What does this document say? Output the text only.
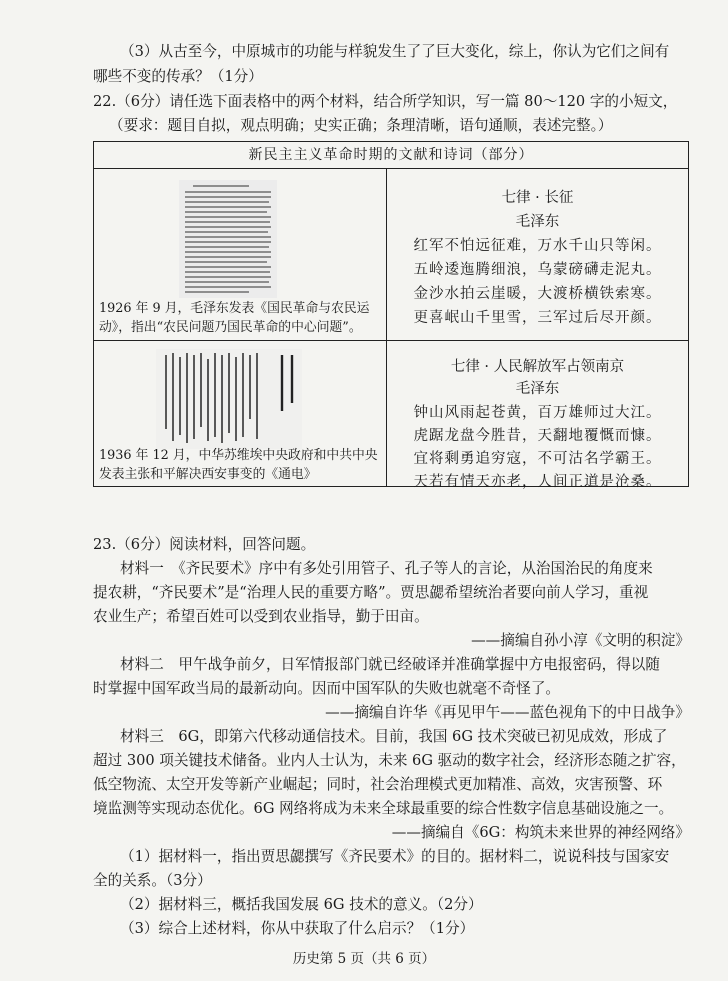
（3）从古至今，中原城市的功能与样貌发生了了巨大变化，综上，你认为它们之间有
哪些不变的传承？（1分）
22.（6分）请任选下面表格中的两个材料，结合所学知识，写一篇 80～120 字的小短文，
（要求：题目自拟，观点明确；史实正确；条理清晰，语句通顺，表述完整。）
新民主主义革命时期的文献和诗词（部分）
1926 年 9 月，毛泽东发表《国民革命与农民运
动》，指出“农民问题乃国民革命的中心问题”。
七律 · 长征
毛泽东
红军不怕远征难，万水千山只等闲。
五岭逶迤腾细浪，乌蒙磅礴走泥丸。
金沙水拍云崖暖，大渡桥横铁索寒。
更喜岷山千里雪，三军过后尽开颜。
1936 年 12 月，中华苏维埃中央政府和中共中央
发表主张和平解决西安事变的《通电》
七律 · 人民解放军占领南京
毛泽东
钟山风雨起苍黄，百万雄师过大江。
虎踞龙盘今胜昔，天翻地覆慨而慷。
宜将剩勇追穷寇，不可沽名学霸王。
天若有情天亦老，人间正道是沧桑。
23.（6分）阅读材料，回答问题。
材料一　《齐民要术》序中有多处引用管子、孔子等人的言论，从治国治民的角度来
提农耕，“齐民要术”是“治理人民的重要方略”。贾思勰希望统治者要向前人学习，重视
农业生产；希望百姓可以受到农业指导，勤于田亩。
——摘编自孙小淳《文明的积淀》
材料二　甲午战争前夕，日军情报部门就已经破译并准确掌握中方电报密码，得以随
时掌握中国军政当局的最新动向。因而中国军队的失败也就毫不奇怪了。
——摘编自许华《再见甲午——蓝色视角下的中日战争》
材料三　6G，即第六代移动通信技术。目前，我国 6G 技术突破已初见成效，形成了
超过 300 项关键技术储备。业内人士认为，未来 6G 驱动的数字社会，经济形态随之扩容，
低空物流、太空开发等新产业崛起；同时，社会治理模式更加精准、高效，灾害预警、环
境监测等实现动态优化。6G 网络将成为未来全球最重要的综合性数字信息基础设施之一。
——摘编自《6G：构筑未来世界的神经网络》
（1）据材料一，指出贾思勰撰写《齐民要术》的目的。据材料二，说说科技与国家安
全的关系。（3分）
（2）据材料三，概括我国发展 6G 技术的意义。（2分）
（3）综合上述材料，你从中获取了什么启示？（1分）
历史第 5 页（共 6 页）
